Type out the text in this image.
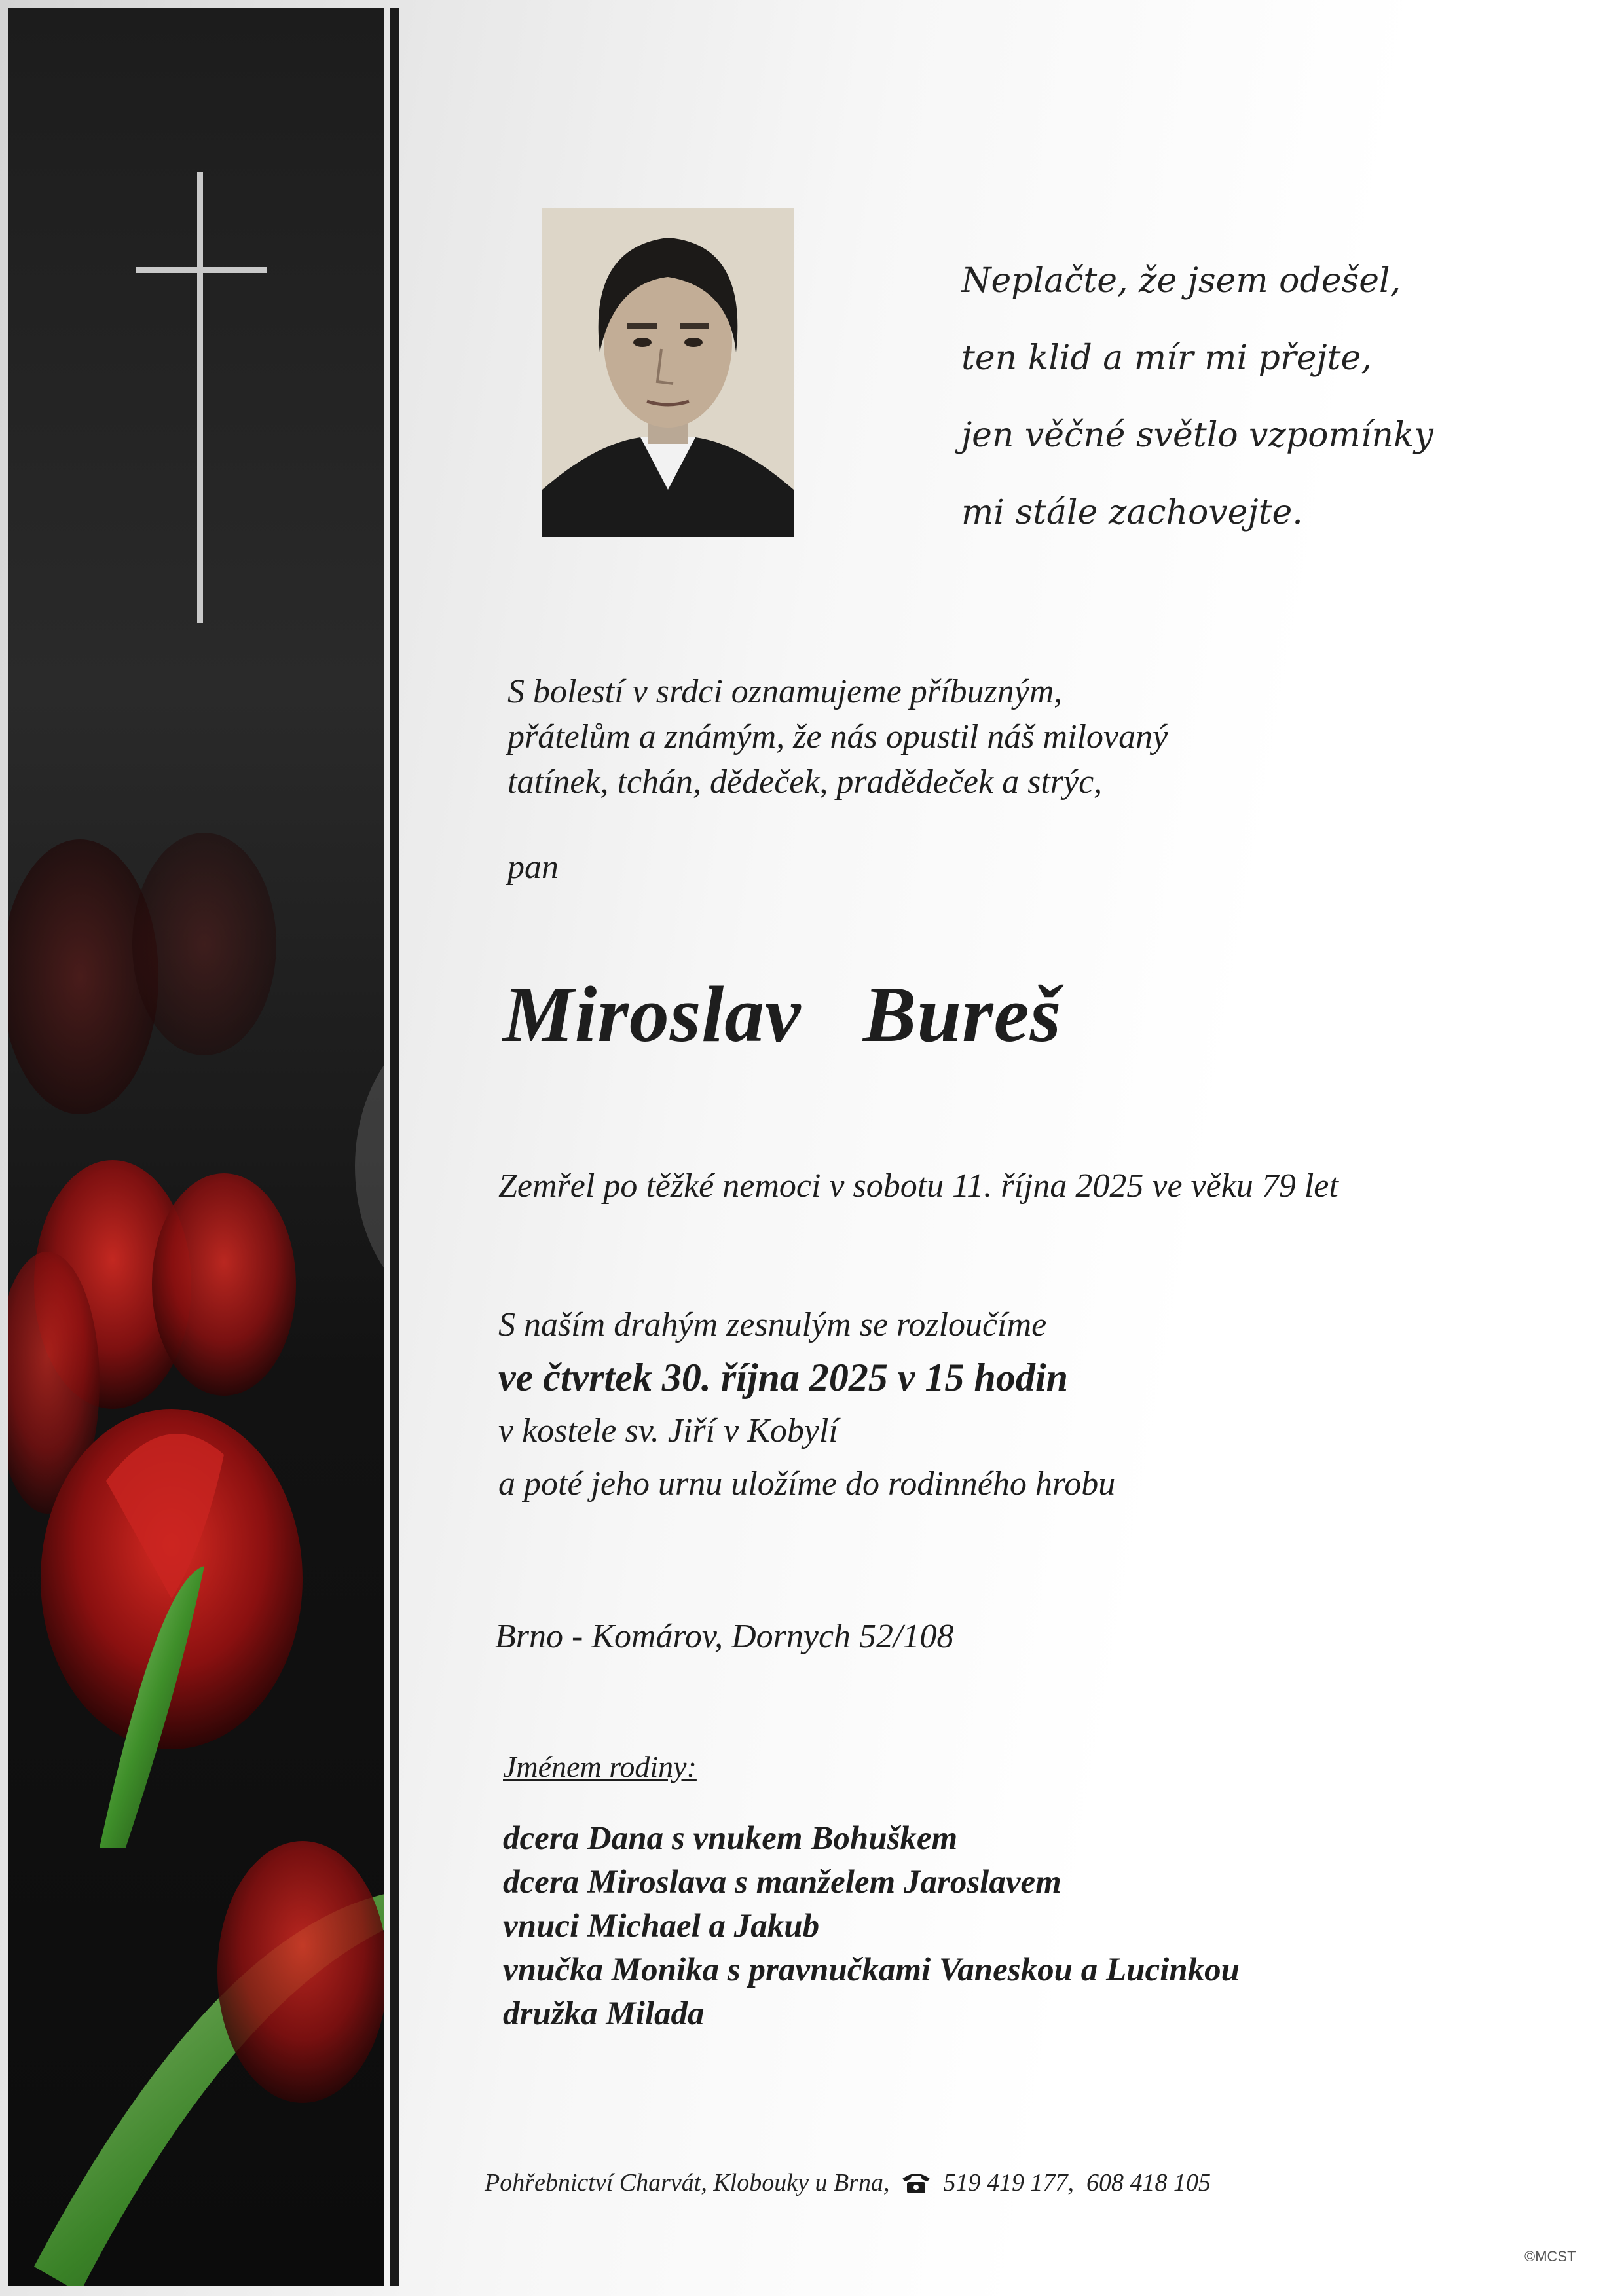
Neplačte, že jsem odešel,
ten klid a mír mi přejte,
jen věčné světlo vzpomínky
mi stále zachovejte.
S bolestí v srdci oznamujeme příbuzným,
přátelům a známým, že nás opustil náš milovaný
tatínek, tchán, dědeček, pradědeček a strýc,
pan
Miroslav   Bureš
Zemřel po těžké nemoci v sobotu 11. října 2025 ve věku 79 let
S naším drahým zesnulým se rozloučíme
ve čtvrtek 30. října 2025 v 15 hodin
v kostele sv. Jiří v Kobylí
a poté jeho urnu uložíme do rodinného hrobu
Brno - Komárov, Dornych 52/108
Jménem rodiny:
dcera Dana s vnukem Bohuškem
dcera Miroslava s manželem Jaroslavem
vnuci Michael a Jakub
vnučka Monika s pravnučkami Vaneskou a Lucinkou
družka Milada
Pohřebnictví Charvát, Klobouky u Brna, 519 419 177,  608 418 105
©MCST
